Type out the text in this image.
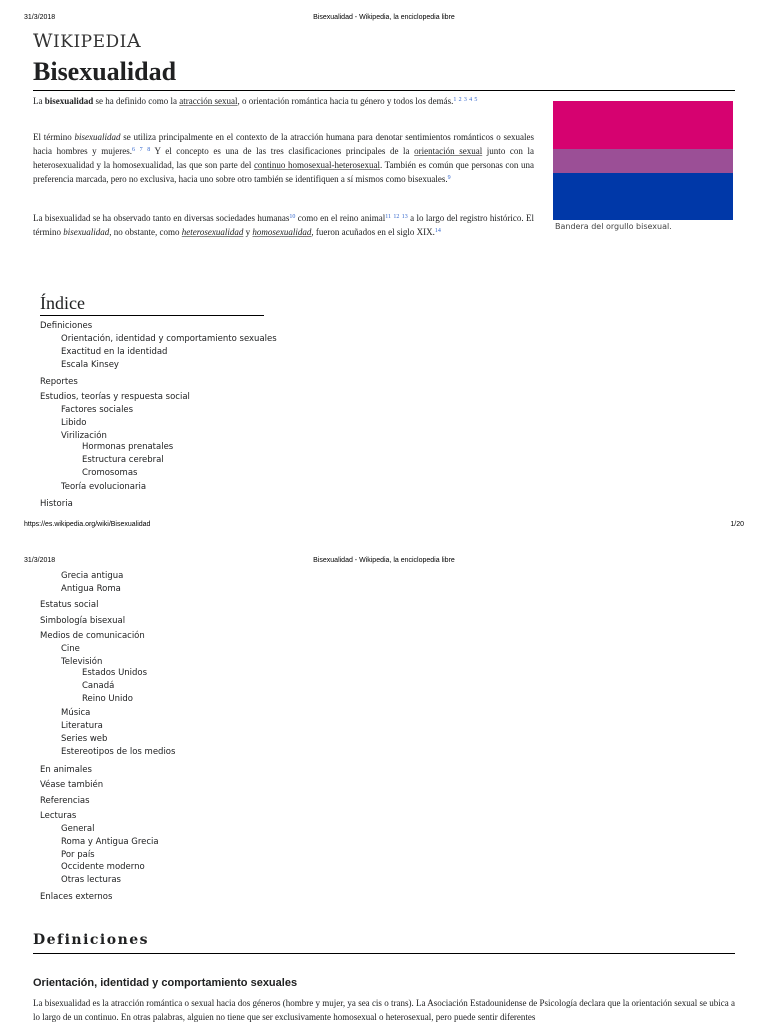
31/3/2018	Bisexualidad - Wikipedia, la enciclopedia libre
WIKIPEDIA
Bisexualidad

La bisexualidad se ha definido como la atracción sexual, o orientación romántica hacia tu género y todos los demás.$^1$ $^2$ $^3$ $^4$ $^5$

El término bisexualidad se utiliza principalmente en el contexto de la atracción humana para denotar sentimientos románticos o sexuales hacia hombres y mujeres.$^6$ $^7$ $^8$ Y el concepto es una de las tres clasificaciones principales de la orientación sexual junto con la heterosexualidad y la homosexualidad, las que son parte del continuo homosexual-heterosexual. También es común que personas con una preferencia marcada, pero no exclusiva, hacia uno sobre otro también se identifiquen a sí mismos como bisexuales.$^9$

La bisexualidad se ha observado tanto en diversas sociedades humanas$^{10}$ como en el reino animal$^{11}$ $^{12}$ $^{13}$ a lo largo del registro histórico. El término bisexualidad, no obstante, como heterosexualidad y homosexualidad, fueron acuñados en el siglo XIX.$^{14}$	Bandera del orgullo bisexual.
Índice
Definiciones
Orientación, identidad y comportamiento sexuales
Exactitud en la identidad
Escala Kinsey
Reportes
Estudios, teorías y respuesta social
Factores sociales
Libido
Virilización
Hormonas prenatales
Estructura cerebral
Cromosomas
Teoría evolucionaria
Historia
https://es.wikipedia.org/wiki/Bisexualidad	1/20
31/3/2018	Bisexualidad - Wikipedia, la enciclopedia libre
Grecia antigua
Antigua Roma
Estatus social
Simbología bisexual
Medios de comunicación
Cine
Televisión
Estados Unidos
Canadá
Reino Unido
Música
Literatura
Series web
Estereotipos de los medios
En animales
Véase también
Referencias
Lecturas
General
Roma y Antigua Grecia
Por país
Occidente moderno
Otras lecturas
Enlaces externos
Definiciones
Orientación, identidad y comportamiento sexuales

La bisexualidad es la atracción romántica o sexual hacia dos géneros (hombre y mujer, ya sea cis o trans). La Asociación Estadounidense de Psicología declara que la orientación sexual se ubica a lo largo de un continuo. En otras palabras, alguien no tiene que ser exclusivamente homosexual o heterosexual, pero puede sentir diferentes
